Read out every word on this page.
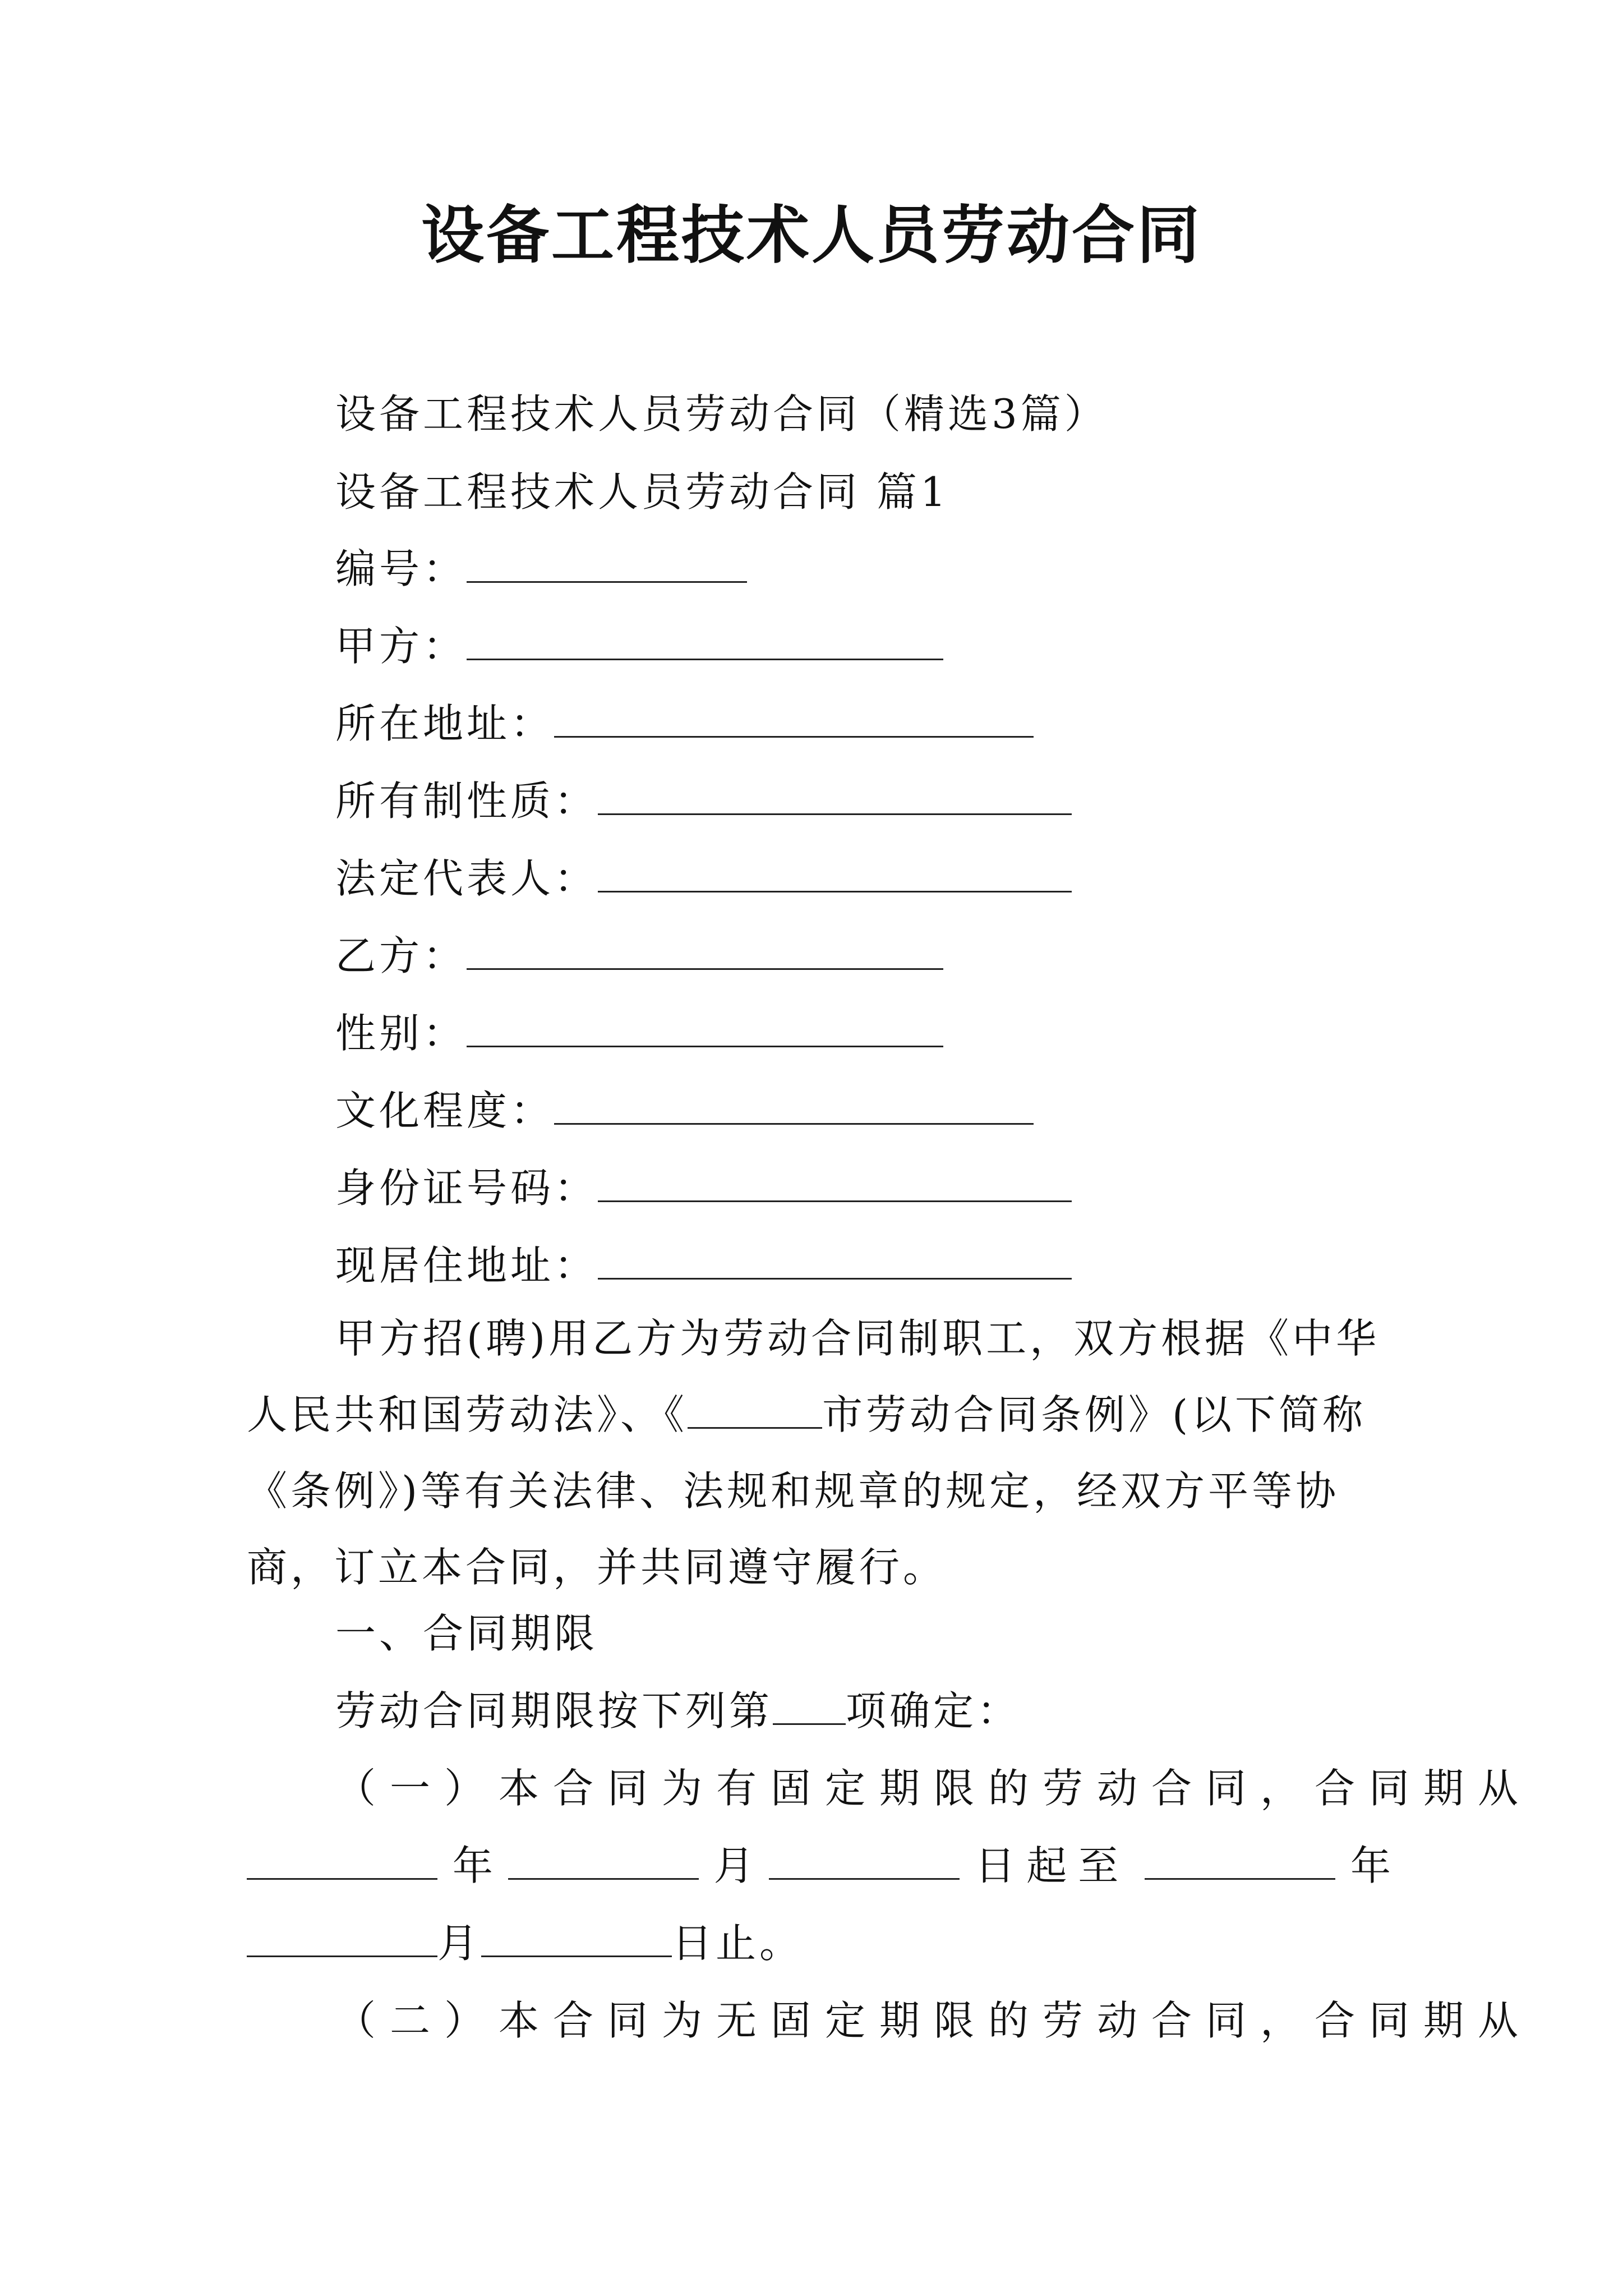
设备工程技术人员劳动合同
设备工程技术人员劳动合同（精选3篇）
设备工程技术人员劳动合同 篇1
编号：
甲方：
所在地址：
所有制性质：
法定代表人：
乙方：
性别：
文化程度：
身份证号码：
现居住地址：
甲方招(聘)用乙方为劳动合同制职工，双方根据《中华人民共和国劳动法》、《	市劳动合同条例》(以下简称《条例》)等有关法律、法规和规章的规定，经双方平等协商，订立本合同，并共同遵守履行。
一、合同期限
劳动合同期限按下列第 项确定：
（一）本合同为有固定期限的劳动合同，合同期从
年	月	日起至	年
月	日止。
（二）本合同为无固定期限的劳动合同，合同期从
